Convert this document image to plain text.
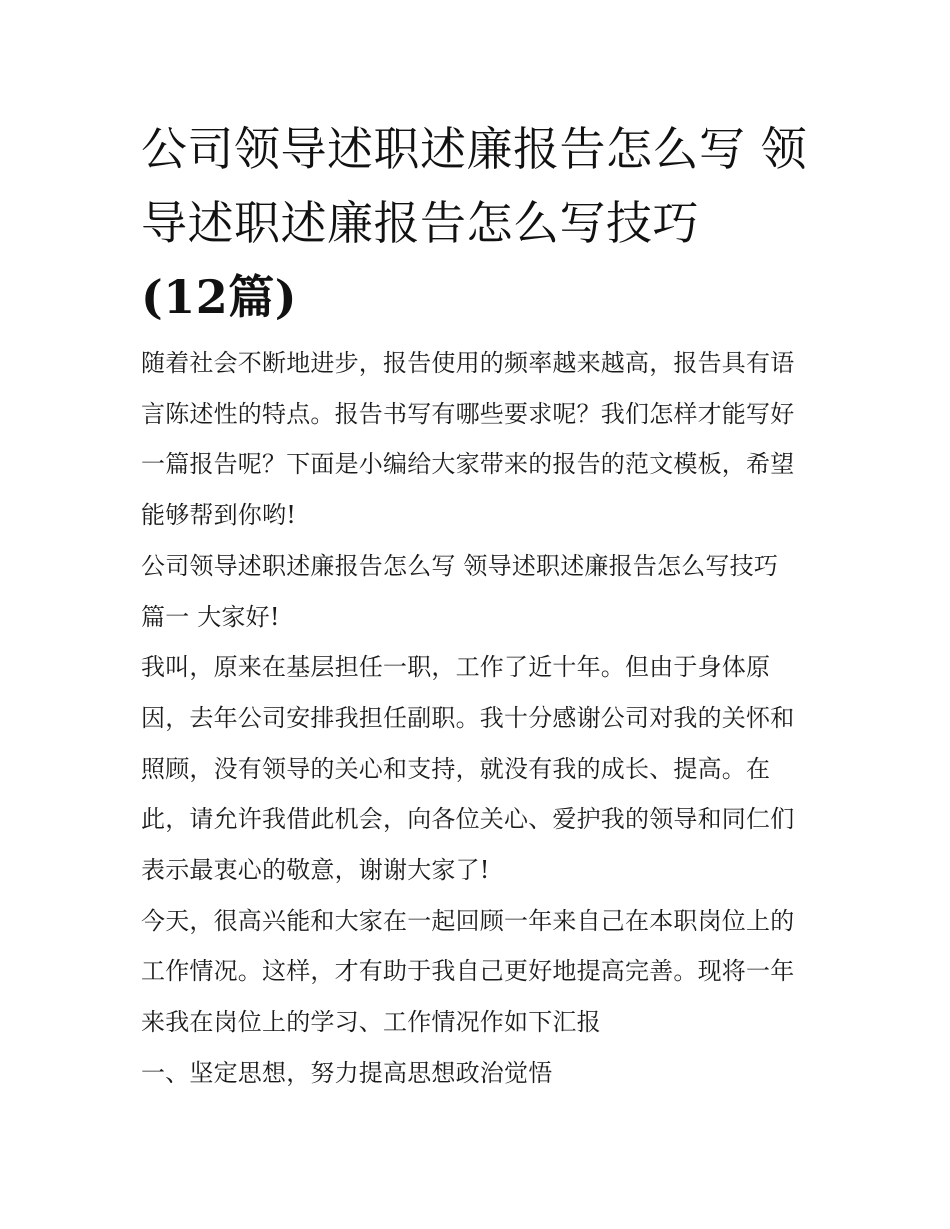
公司领导述职述廉报告怎么写 领导述职述廉报告怎么写技巧
(12篇)

随着社会不断地进步，报告使用的频率越来越高，报告具有语言陈述性的特点。报告书写有哪些要求呢？我们怎样才能写好一篇报告呢？下面是小编给大家带来的报告的范文模板，希望能够帮到你哟!

公司领导述职述廉报告怎么写 领导述职述廉报告怎么写技巧

篇一 大家好!

我叫，原来在基层担任一职，工作了近十年。但由于身体原因，去年公司安排我担任副职。我十分感谢公司对我的关怀和照顾，没有领导的关心和支持，就没有我的成长、提高。在此，请允许我借此机会，向各位关心、爱护我的领导和同仁们表示最衷心的敬意，谢谢大家了!

今天，很高兴能和大家在一起回顾一年来自己在本职岗位上的工作情况。这样，才有助于我自己更好地提高完善。现将一年来我在岗位上的学习、工作情况作如下汇报

一、坚定思想，努力提高思想政治觉悟
